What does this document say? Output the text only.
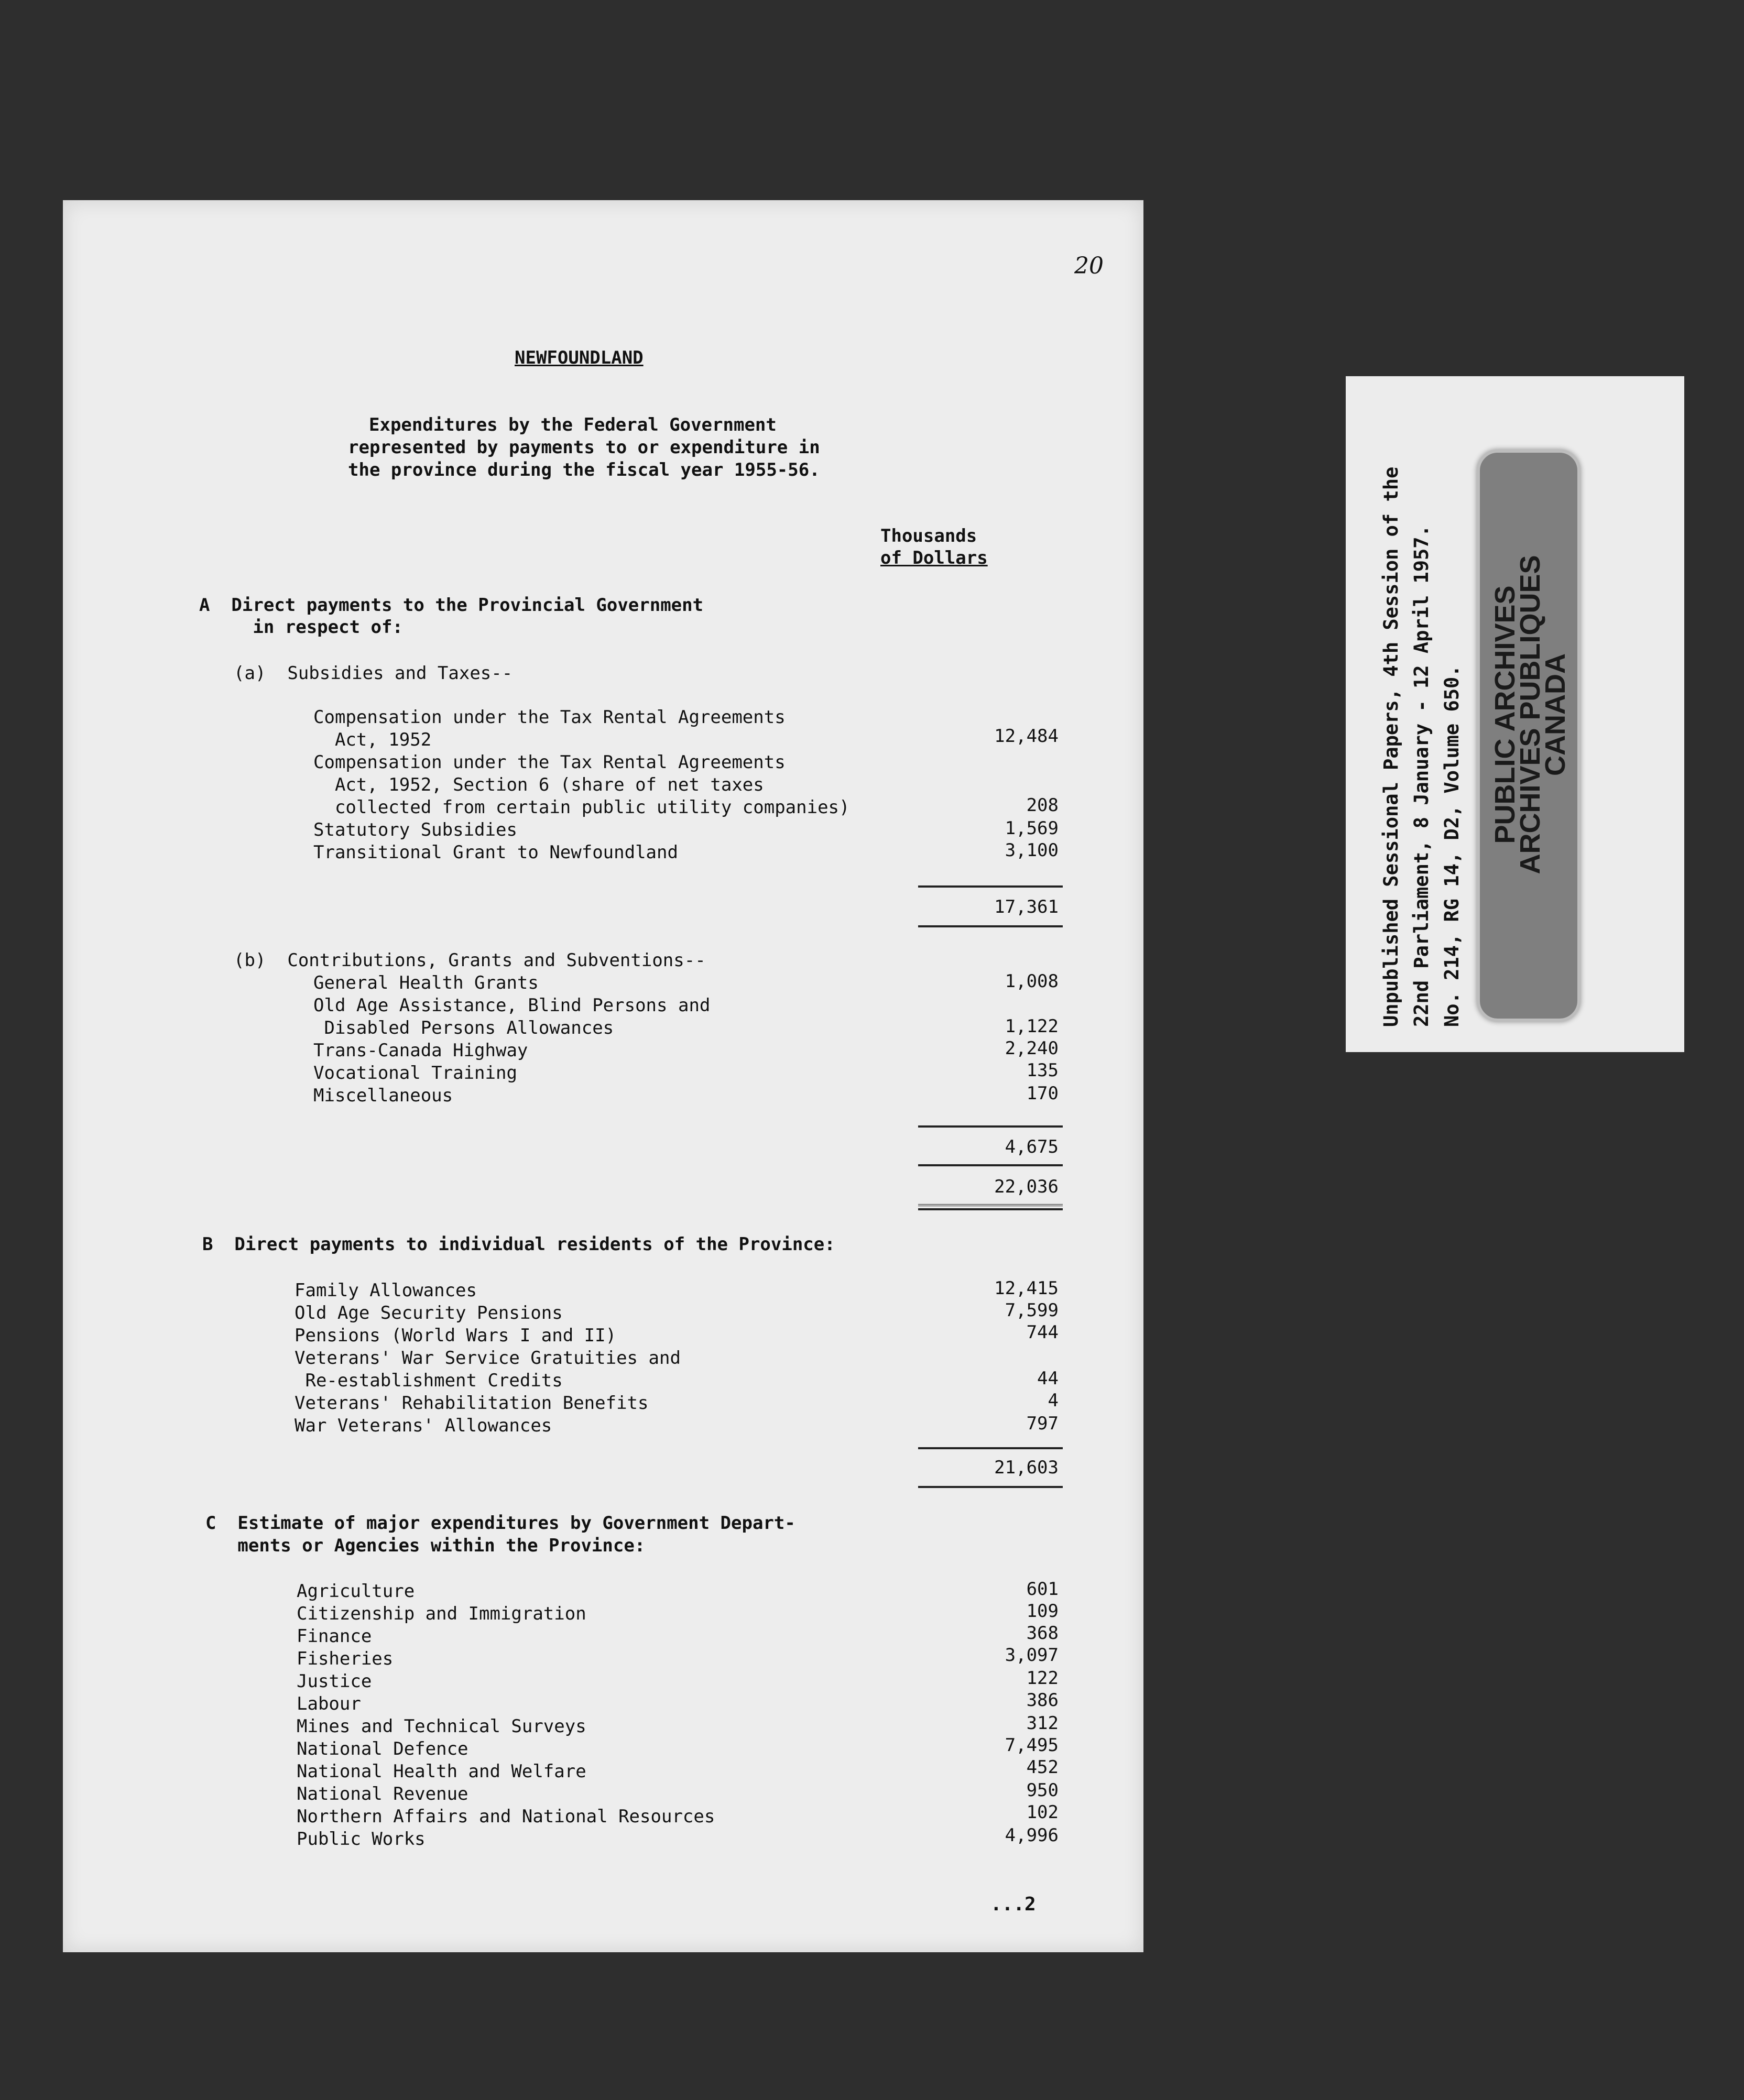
20
NEWFOUNDLAND
Expenditures by the Federal Government
represented by payments to or expenditure in
the province during the fiscal year 1955-56.
Thousands
of Dollars
A  Direct payments to the Provincial Government
in respect of:
(a)  Subsidies and Taxes--
Compensation under the Tax Rental Agreements
Act, 1952	12,484
Compensation under the Tax Rental Agreements
Act, 1952, Section 6 (share of net taxes
collected from certain public utility companies)	208
Statutory Subsidies	1,569
Transitional Grant to Newfoundland	3,100
17,361
(b)  Contributions, Grants and Subventions--
General Health Grants	1,008
Old Age Assistance, Blind Persons and
Disabled Persons Allowances	1,122
Trans-Canada Highway	2,240
Vocational Training	135
Miscellaneous	170
4,675
22,036
B  Direct payments to individual residents of the Province:
Family Allowances	12,415
Old Age Security Pensions	7,599
Pensions (World Wars I and II)	744
Veterans' War Service Gratuities and
Re-establishment Credits	44
Veterans' Rehabilitation Benefits	4
War Veterans' Allowances	797
21,603
C  Estimate of major expenditures by Government Depart-
ments or Agencies within the Province:
Agriculture	601
Citizenship and Immigration	109
Finance	368
Fisheries	3,097
Justice	122
Labour	386
Mines and Technical Surveys	312
National Defence	7,495
National Health and Welfare	452
National Revenue	950
Northern Affairs and National Resources	102
Public Works	4,996
...2
Unpublished Sessional Papers, 4th Session of the 22nd Parliament, 8 January - 12 April 1957. No. 214, RG 14, D2, Volume 650. PUBLIC ARCHIVES
ARCHIVES PUBLIQUES
CANADA
